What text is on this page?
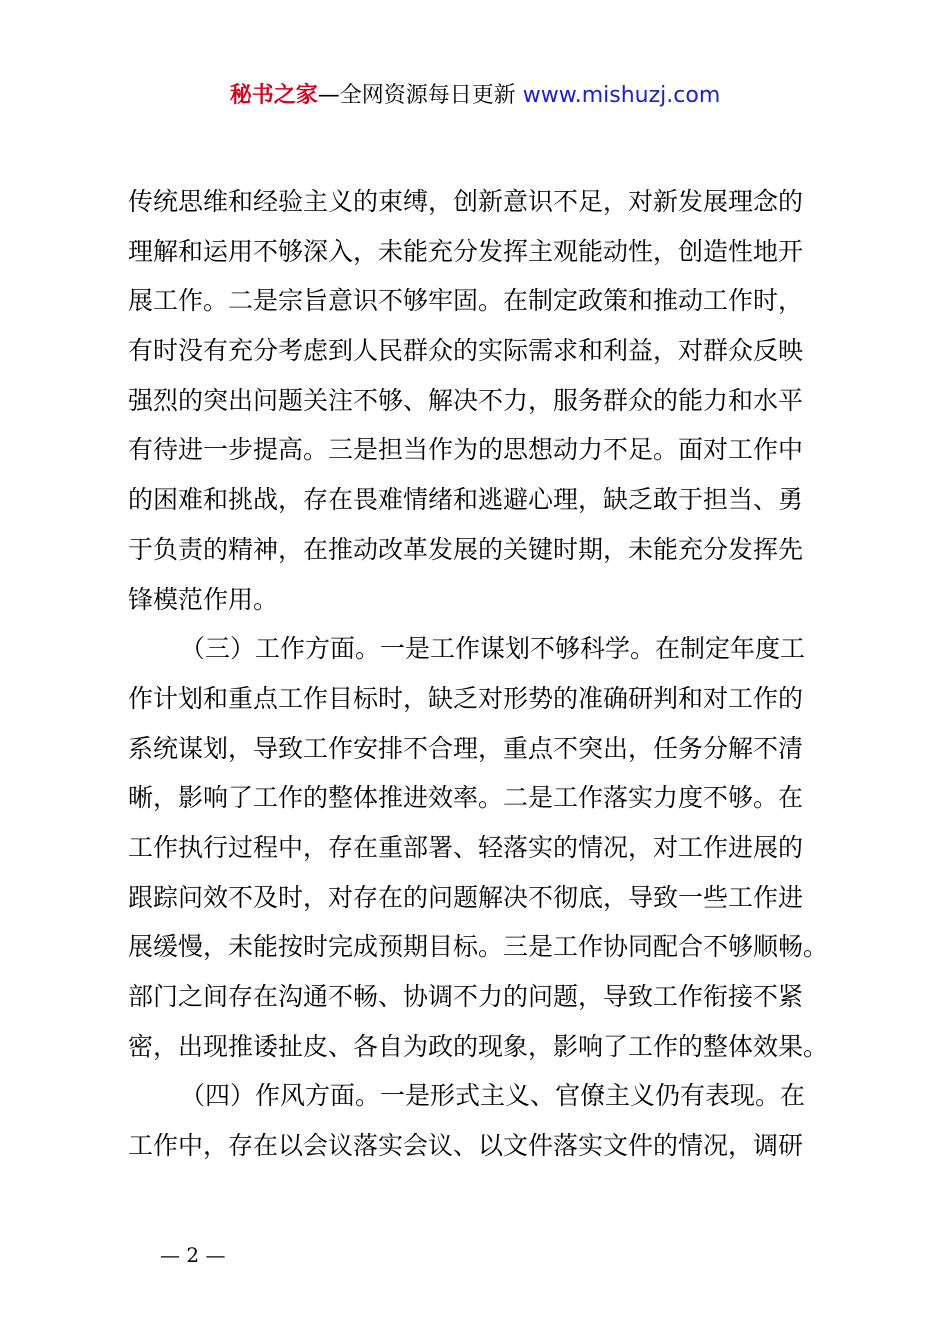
秘书之家—全网资源每日更新 www.mishuzj.com
传统思维和经验主义的束缚，创新意识不足，对新发展理念的
理解和运用不够深入，未能充分发挥主观能动性，创造性地开
展工作。二是宗旨意识不够牢固。在制定政策和推动工作时，
有时没有充分考虑到人民群众的实际需求和利益，对群众反映
强烈的突出问题关注不够、解决不力，服务群众的能力和水平
有待进一步提高。三是担当作为的思想动力不足。面对工作中
的困难和挑战，存在畏难情绪和逃避心理，缺乏敢于担当、勇
于负责的精神，在推动改革发展的关键时期，未能充分发挥先
锋模范作用。
（三）工作方面。一是工作谋划不够科学。在制定年度工
作计划和重点工作目标时，缺乏对形势的准确研判和对工作的
系统谋划，导致工作安排不合理，重点不突出，任务分解不清
晰，影响了工作的整体推进效率。二是工作落实力度不够。在
工作执行过程中，存在重部署、轻落实的情况，对工作进展的
跟踪问效不及时，对存在的问题解决不彻底，导致一些工作进
展缓慢，未能按时完成预期目标。三是工作协同配合不够顺畅。
部门之间存在沟通不畅、协调不力的问题，导致工作衔接不紧
密，出现推诿扯皮、各自为政的现象，影响了工作的整体效果。
（四）作风方面。一是形式主义、官僚主义仍有表现。在
工作中，存在以会议落实会议、以文件落实文件的情况，调研
— 2 —
